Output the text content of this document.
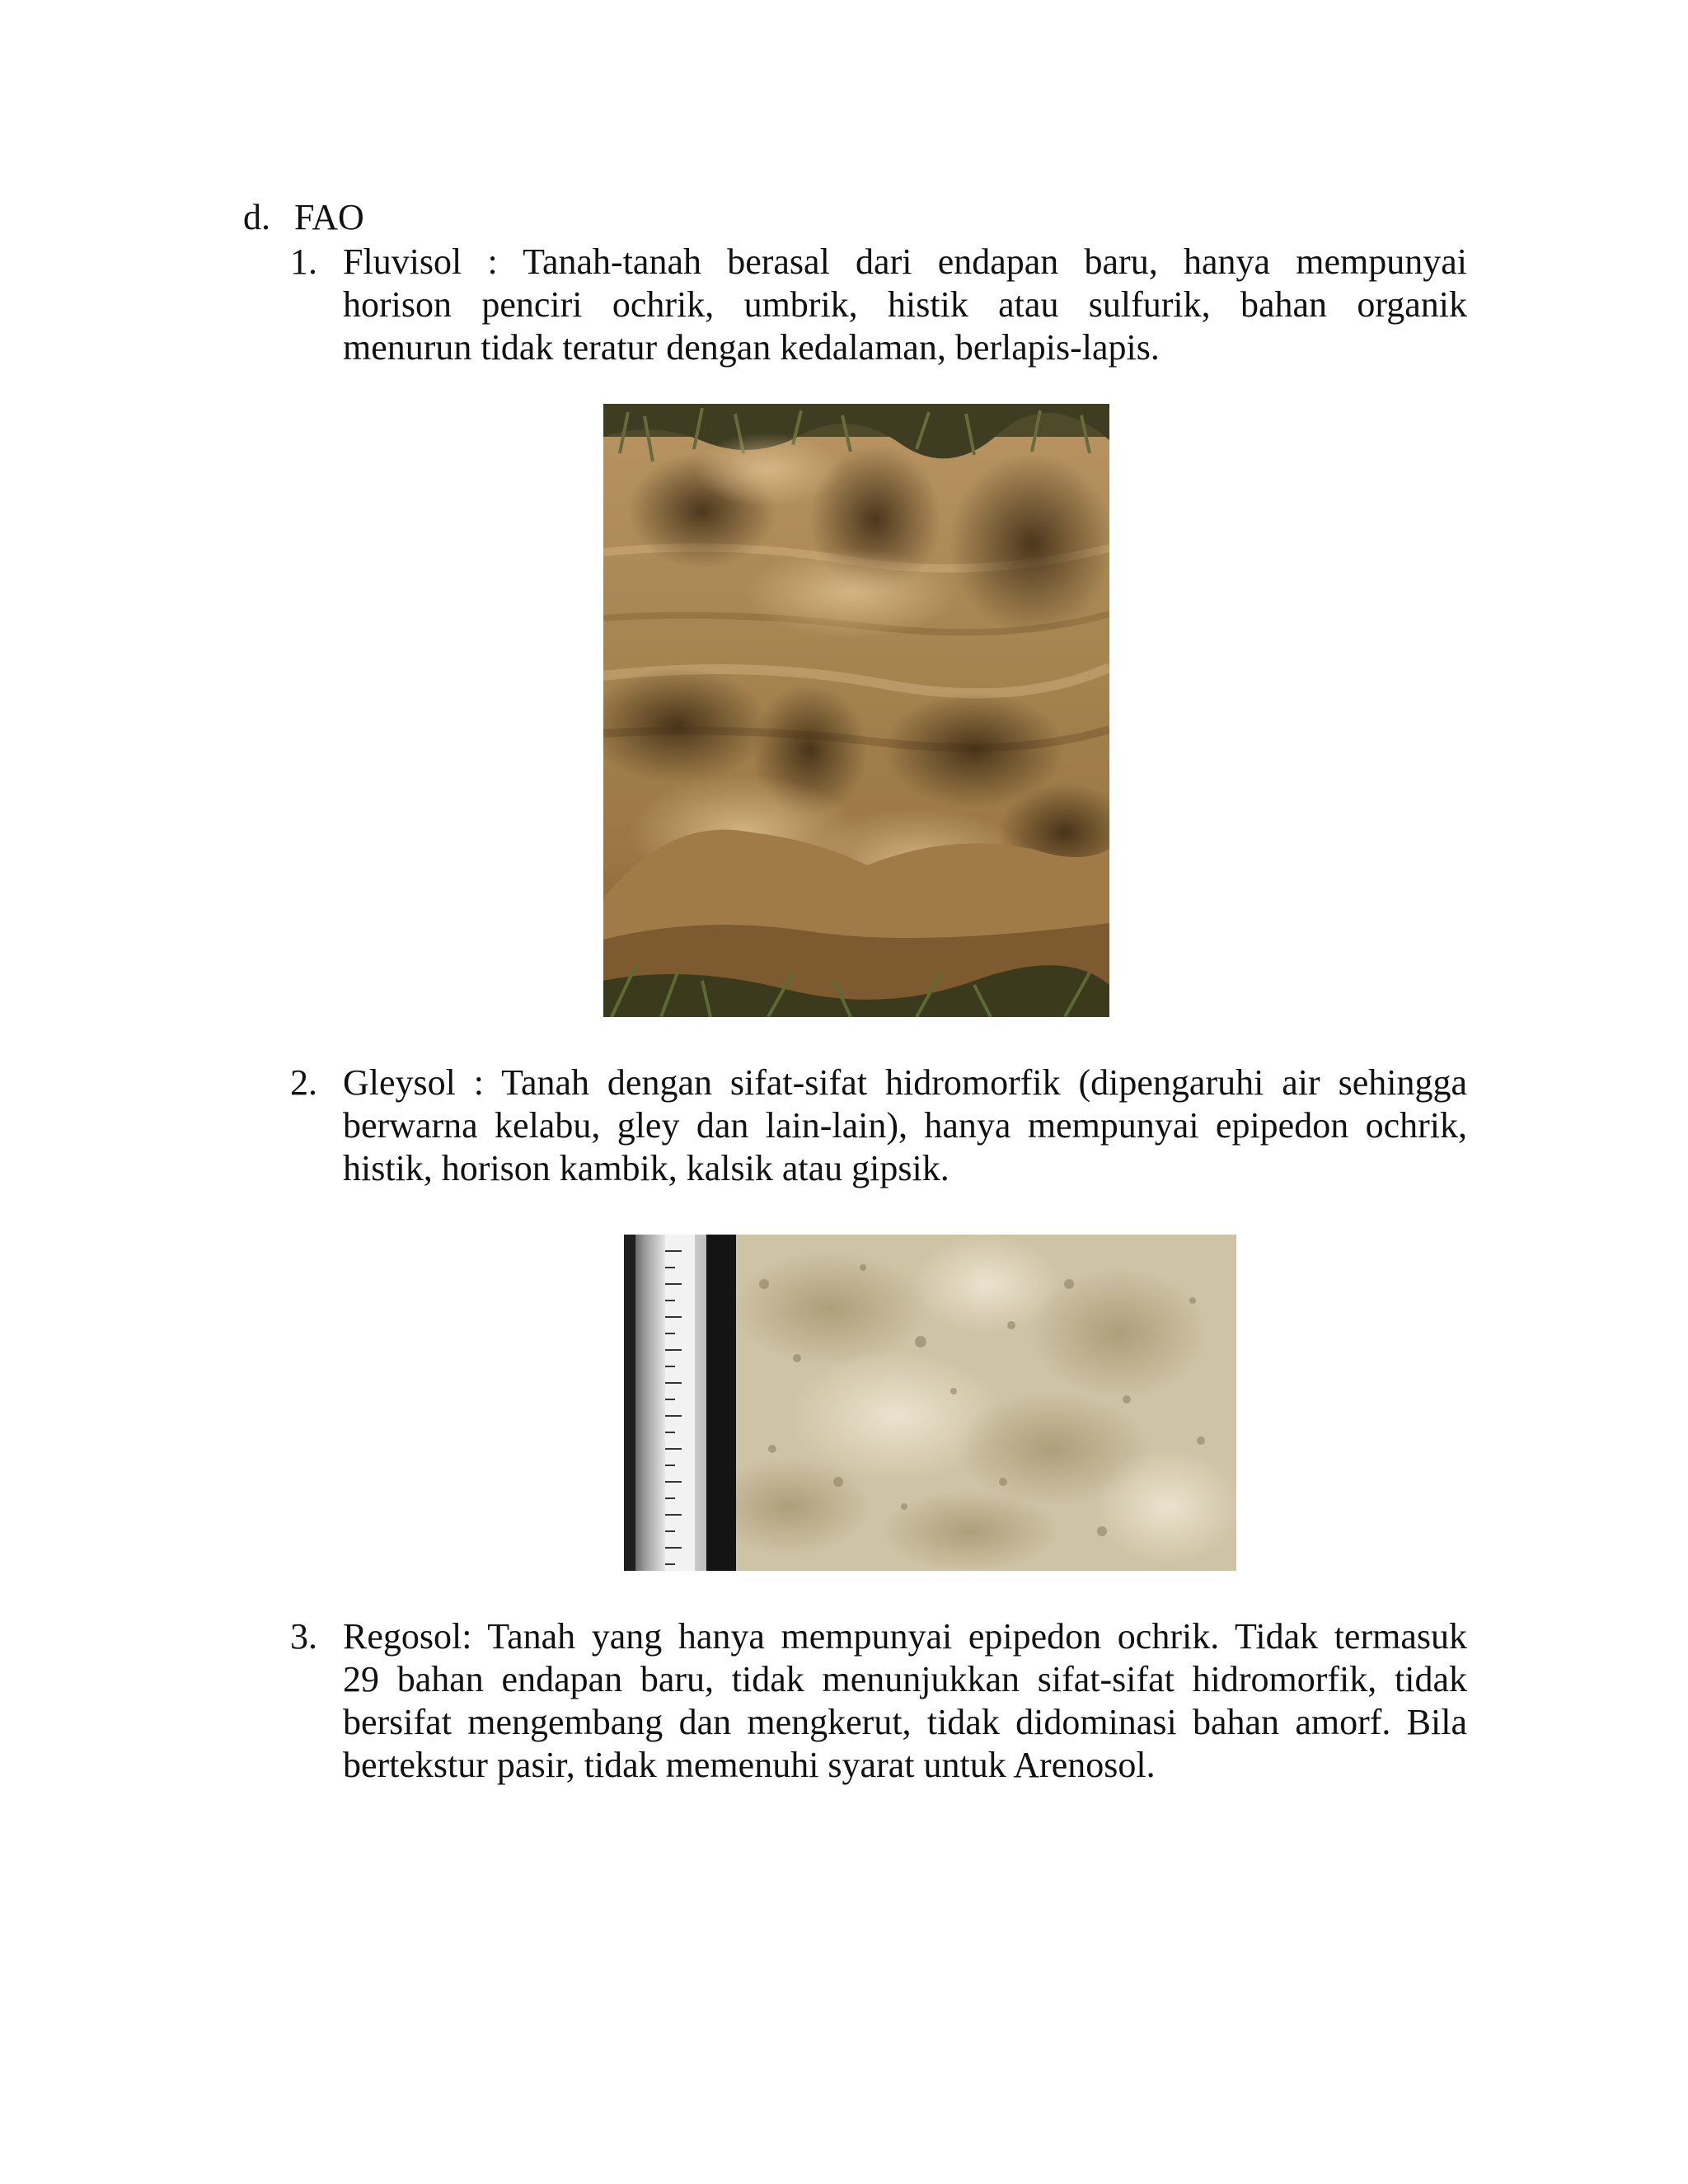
d. FAO
1. Fluvisol : Tanah-tanah berasal dari endapan baru, hanya mempunyai
horison penciri ochrik, umbrik, histik atau sulfurik, bahan organik
menurun tidak teratur dengan kedalaman, berlapis-lapis.
2. Gleysol : Tanah dengan sifat-sifat hidromorfik (dipengaruhi air sehingga
berwarna kelabu, gley dan lain-lain), hanya mempunyai epipedon ochrik,
histik, horison kambik, kalsik atau gipsik.
3. Regosol: Tanah yang hanya mempunyai epipedon ochrik. Tidak termasuk
29 bahan endapan baru, tidak menunjukkan sifat-sifat hidromorfik, tidak
bersifat mengembang dan mengkerut, tidak didominasi bahan amorf. Bila
bertekstur pasir, tidak memenuhi syarat untuk Arenosol.
